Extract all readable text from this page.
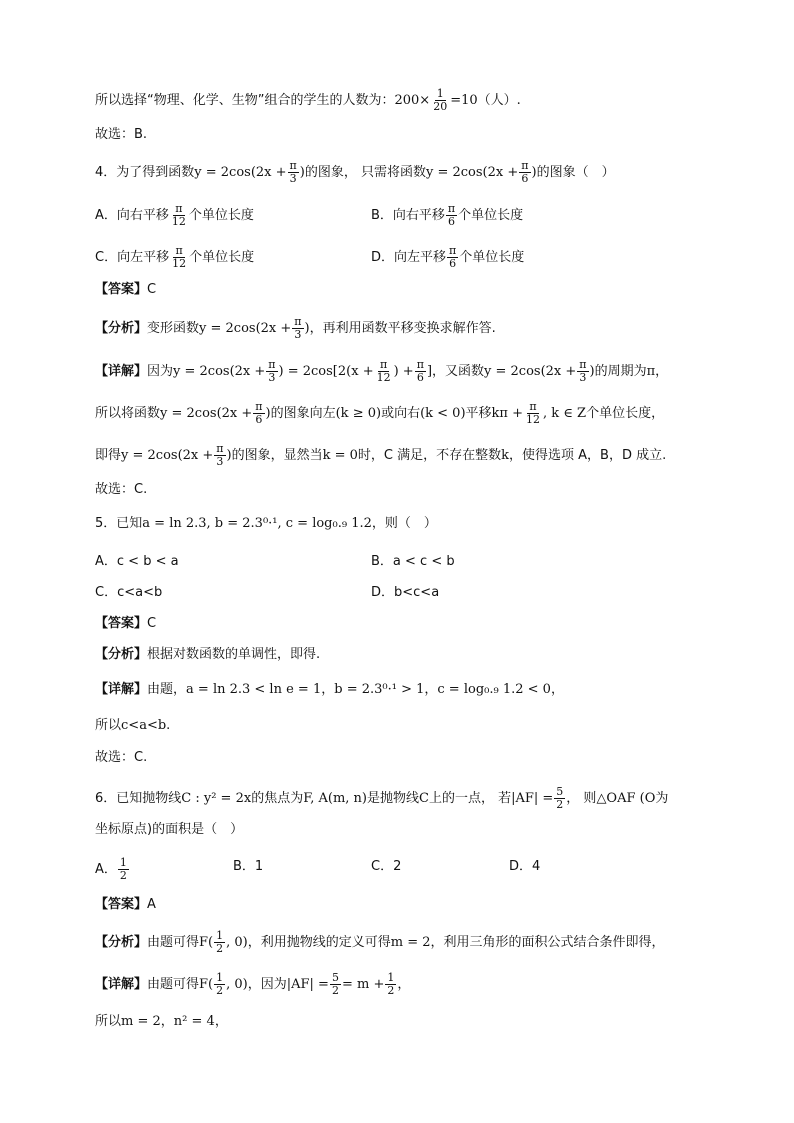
所以选择“物理、化学、生物”组合的学生的人数为：$200\times \frac{1}{20} =10$（人）.
故选：B.
4．为了得到函数$y = 2\cos(2x + \frac{\pi}{3}$ )的图象， 只需将函数$y = 2\cos(2x + \frac{\pi}{6}$ )的图象（　）
A．向右平移 $\frac{\pi}{12}$ 个单位长度	B．向右平移 $\frac{\pi}{6}$ 个单位长度
C．向左平移 $\frac{\pi}{12}$ 个单位长度	D．向左平移 $\frac{\pi}{6}$ 个单位长度
【答案】C
【分析】变形函数$y = 2\cos(2x + \frac{\pi}{3}$ )，再利用函数平移变换求解作答.
【详解】因为$y = 2\cos(2x + \frac{\pi}{3}$ ) = $2\cos[2(x + \frac{\pi}{12}$ ) + $\frac{\pi}{6}$ ]，又函数$y = 2\cos(2x + \frac{\pi}{3}$ )的周期为π，
所以将函数$y = 2\cos(2x + \frac{\pi}{6}$ )的图象向左(k ≥ 0)或向右(k < 0)平移$k\pi + \frac{\pi}{12}$ , k ∈ Z个单位长度，
即得$y = 2\cos(2x + \frac{\pi}{3}$ )的图象，显然当k = 0时，C 满足，不存在整数k，使得选项 A，B，D 成立.
故选：C.
5．已知a = ln 2.3, b = 2.3⁰·¹, c = log₀.₉ 1.2，则（　）
A．c < b < a	B．a < c < b
C．c<a<b	D．b<c<a
【答案】C
【分析】根据对数函数的单调性，即得.
【详解】由题，a = ln 2.3 < ln e = 1，b = 2.3⁰·¹ > 1，c = log₀.₉ 1.2 < 0，
所以c<a<b.
故选：C.
6．已知抛物线C : y² = 2x的焦点为F, A(m, n)是抛物线C上的一点， 若$|AF| = \frac{5}{2}$ ， 则△OAF (O为
坐标原点)的面积是（　）
A． $\frac{1}{2}$	B．1	C．2	D．4
【答案】A
【分析】由题可得$F( \frac{1}{2}$ , 0)，利用抛物线的定义可得m = 2，利用三角形的面积公式结合条件即得，
【详解】由题可得$F( \frac{1}{2}$ , 0)，因为$|AF| = \frac{5}{2} = m + \frac{1}{2}$ ，
所以m = 2，n² = 4，
